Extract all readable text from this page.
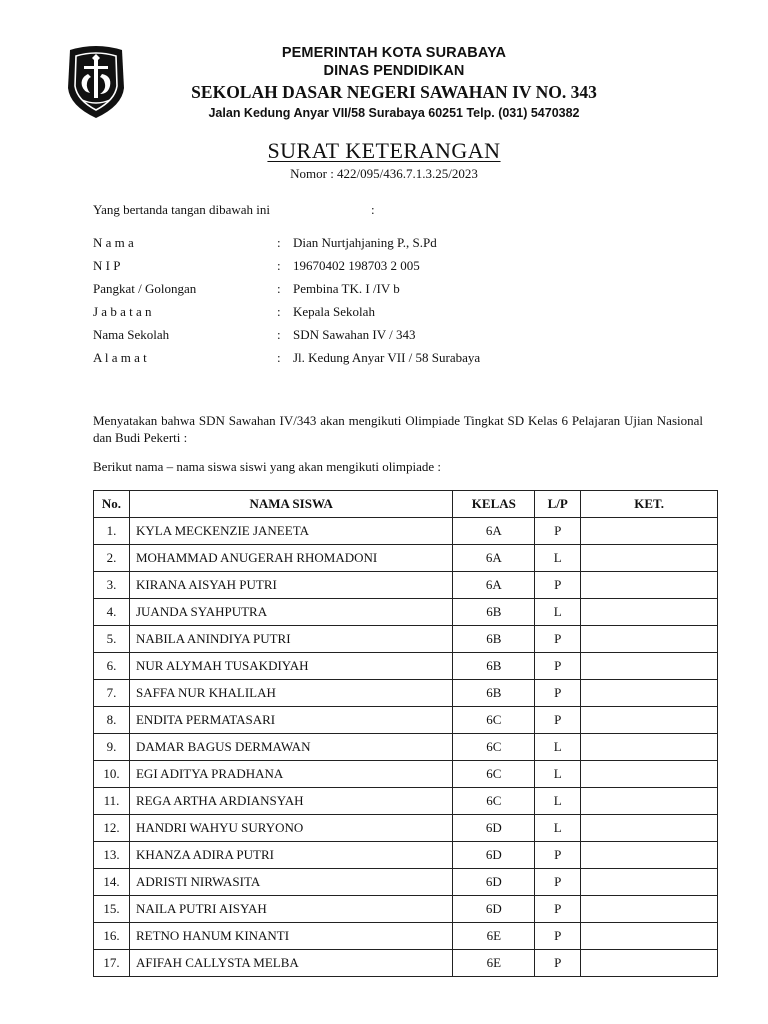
PEMERINTAH KOTA SURABAYA
DINAS PENDIDIKAN
SEKOLAH DASAR NEGERI SAWAHAN IV NO. 343
Jalan Kedung Anyar VII/58 Surabaya 60251 Telp. (031) 5470382
SURAT KETERANGAN
Nomor : 422/095/436.7.1.3.25/2023
Yang bertanda tangan dibawah ini	:
N a m a	: Dian Nurtjahjaning P., S.Pd
N I P	: 19670402 198703 2 005
Pangkat / Golongan	: Pembina TK. I /IV b
J a b a t a n	: Kepala Sekolah
Nama Sekolah	: SDN Sawahan IV / 343
A l a m a t	: Jl. Kedung Anyar VII / 58 Surabaya
Menyatakan bahwa SDN Sawahan IV/343 akan mengikuti Olimpiade Tingkat SD Kelas 6 Pelajaran Ujian Nasional dan Budi Pekerti :
Berikut nama – nama siswa siswi yang akan mengikuti olimpiade :
No.	NAMA SISWA	KELAS	L/P	KET.
1.	KYLA MECKENZIE JANEETA	6A	P	
2.	MOHAMMAD ANUGERAH RHOMADONI	6A	L	
3.	KIRANA AISYAH PUTRI	6A	P	
4.	JUANDA SYAHPUTRA	6B	L	
5.	NABILA ANINDIYA PUTRI	6B	P	
6.	NUR ALYMAH TUSAKDIYAH	6B	P	
7.	SAFFA NUR KHALILAH	6B	P	
8.	ENDITA PERMATASARI	6C	P	
9.	DAMAR BAGUS DERMAWAN	6C	L	
10.	EGI ADITYA PRADHANA	6C	L	
11.	REGA ARTHA ARDIANSYAH	6C	L	
12.	HANDRI WAHYU SURYONO	6D	L	
13.	KHANZA ADIRA PUTRI	6D	P	
14.	ADRISTI NIRWASITA	6D	P	
15.	NAILA PUTRI AISYAH	6D	P	
16.	RETNO HANUM KINANTI	6E	P	
17.	AFIFAH CALLYSTA MELBA	6E	P	
